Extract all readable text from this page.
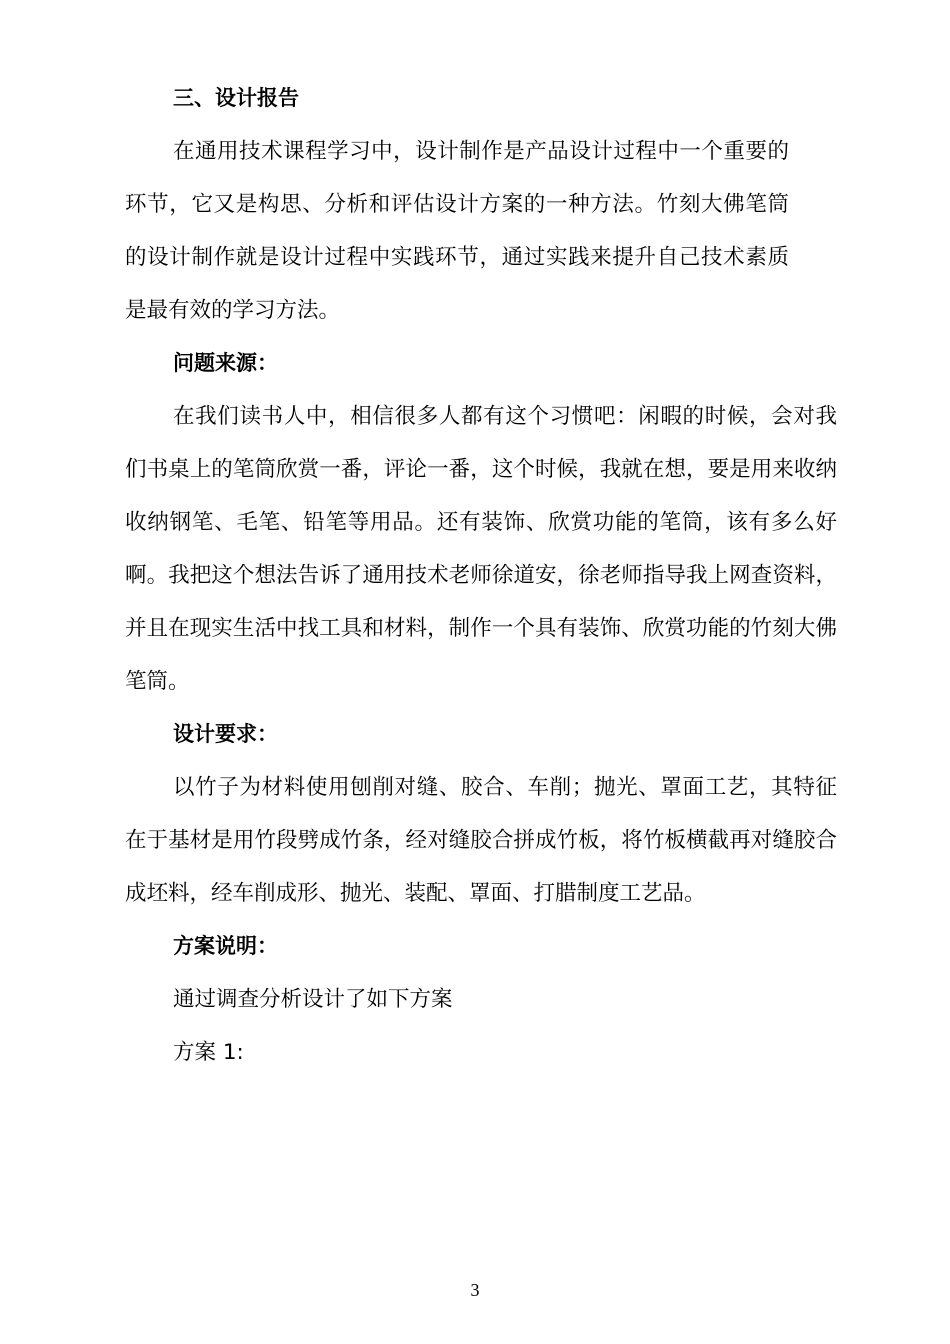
三、设计报告

在通用技术课程学习中，设计制作是产品设计过程中一个重要的环节，它又是构思、分析和评估设计方案的一种方法。竹刻大佛笔筒的设计制作就是设计过程中实践环节，通过实践来提升自己技术素质是最有效的学习方法。

问题来源：

在我们读书人中，相信很多人都有这个习惯吧：闲暇的时候，会对我们书桌上的笔筒欣赏一番，评论一番，这个时候，我就在想，要是用来收纳收纳钢笔、毛笔、铅笔等用品。还有装饰、欣赏功能的笔筒，该有多么好啊。我把这个想法告诉了通用技术老师徐道安，徐老师指导我上网查资料，并且在现实生活中找工具和材料，制作一个具有装饰、欣赏功能的竹刻大佛笔筒。

设计要求：

以竹子为材料使用刨削对缝、胶合、车削；抛光、罩面工艺，其特征在于基材是用竹段劈成竹条，经对缝胶合拼成竹板，将竹板横截再对缝胶合成坯料，经车削成形、抛光、装配、罩面、打腊制度工艺品。

方案说明：
通过调查分析设计了如下方案
方案 1:
3
